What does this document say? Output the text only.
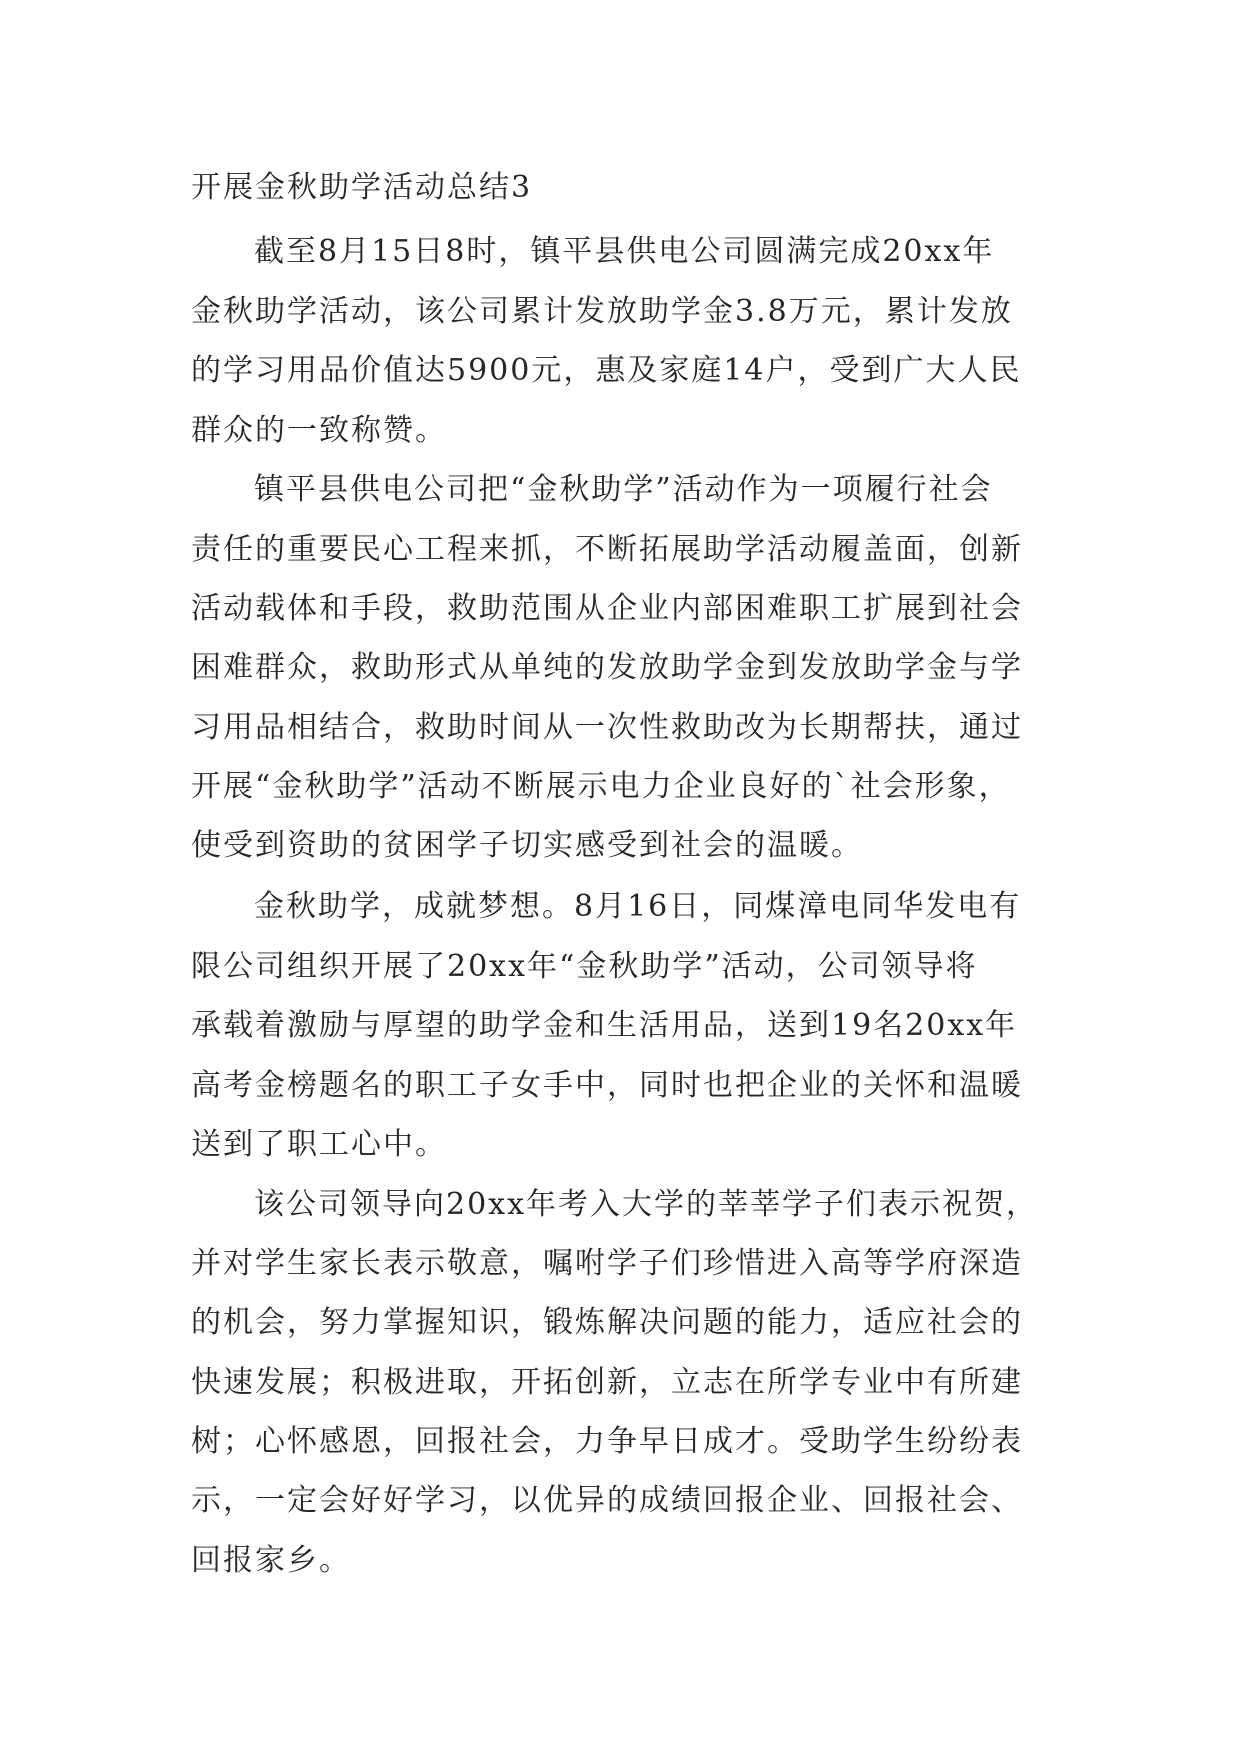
开展金秋助学活动总结3
截至8月15日8时，镇平县供电公司圆满完成20xx年
金秋助学活动，该公司累计发放助学金3.8万元，累计发放
的学习用品价值达5900元，惠及家庭14户，受到广大人民
群众的一致称赞。
镇平县供电公司把“金秋助学”活动作为一项履行社会
责任的重要民心工程来抓，不断拓展助学活动履盖面，创新
活动载体和手段，救助范围从企业内部困难职工扩展到社会
困难群众，救助形式从单纯的发放助学金到发放助学金与学
习用品相结合，救助时间从一次性救助改为长期帮扶，通过
开展“金秋助学”活动不断展示电力企业良好的`社会形象，
使受到资助的贫困学子切实感受到社会的温暖。
金秋助学，成就梦想。8月16日，同煤漳电同华发电有
限公司组织开展了20xx年“金秋助学”活动，公司领导将
承载着激励与厚望的助学金和生活用品，送到19名20xx年
高考金榜题名的职工子女手中，同时也把企业的关怀和温暖
送到了职工心中。
该公司领导向20xx年考入大学的莘莘学子们表示祝贺，
并对学生家长表示敬意，嘱咐学子们珍惜进入高等学府深造
的机会，努力掌握知识，锻炼解决问题的能力，适应社会的
快速发展；积极进取，开拓创新，立志在所学专业中有所建
树；心怀感恩，回报社会，力争早日成才。受助学生纷纷表
示，一定会好好学习，以优异的成绩回报企业、回报社会、
回报家乡。
